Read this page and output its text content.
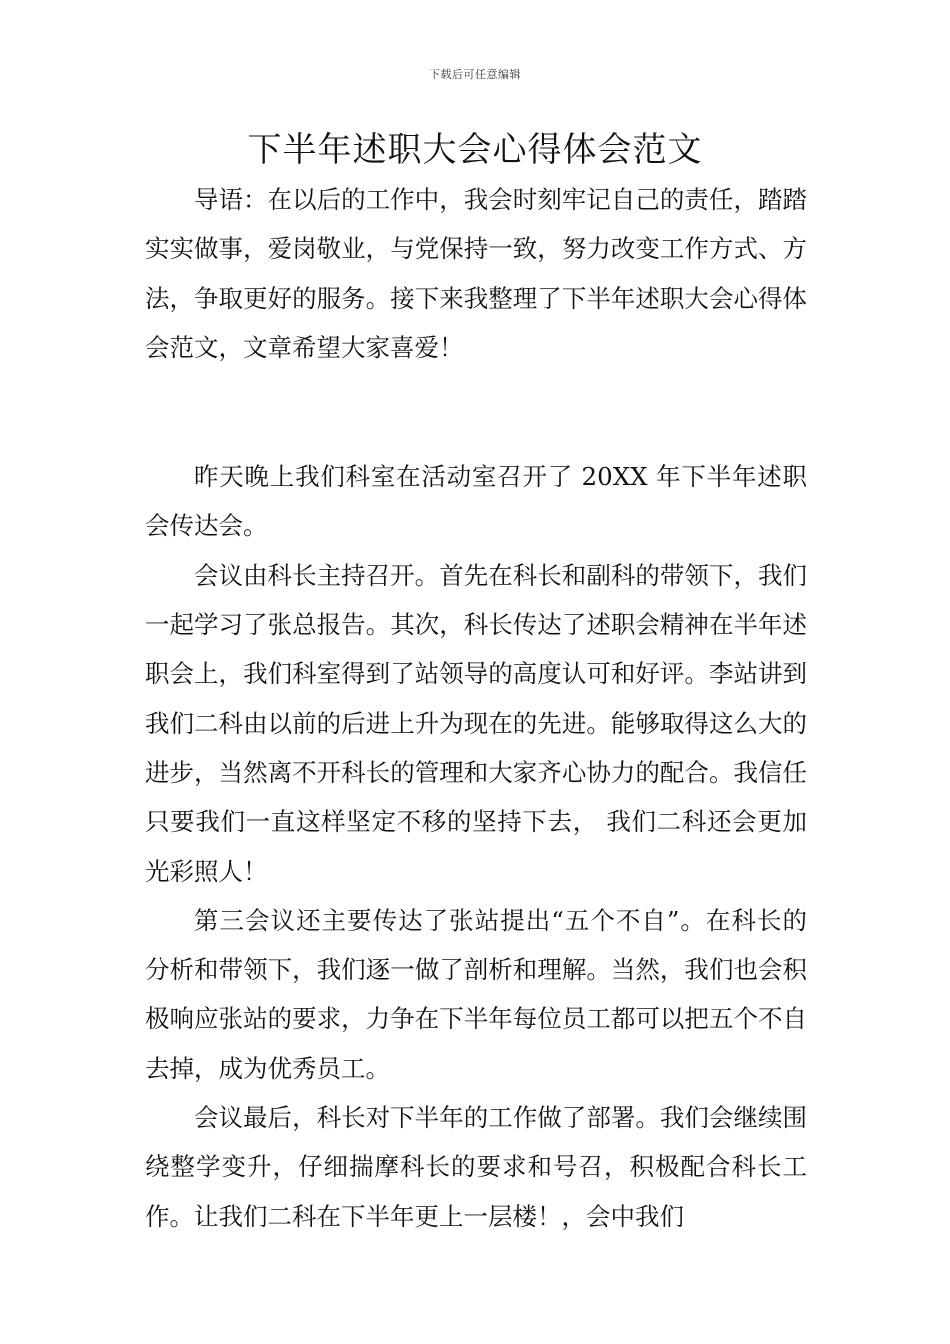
下载后可任意编辑
下半年述职大会心得体会范文

导语：在以后的工作中，我会时刻牢记自己的责任，踏踏实实做事，爱岗敬业，与党保持一致，努力改变工作方式、方法，争取更好的服务。接下来我整理了下半年述职大会心得体会范文，文章希望大家喜爱！

昨天晚上我们科室在活动室召开了 20XX 年下半年述职会传达会。

会议由科长主持召开。首先在科长和副科的带领下，我们一起学习了张总报告。其次，科长传达了述职会精神在半年述职会上，我们科室得到了站领导的高度认可和好评。李站讲到我们二科由以前的后进上升为现在的先进。能够取得这么大的进步，当然离不开科长的管理和大家齐心协力的配合。我信任只要我们一直这样坚定不移的坚持下去， 我们二科还会更加光彩照人！

第三会议还主要传达了张站提出“五个不自”。在科长的分析和带领下，我们逐一做了剖析和理解。当然，我们也会积极响应张站的要求，力争在下半年每位员工都可以把五个不自去掉，成为优秀员工。

会议最后，科长对下半年的工作做了部署。我们会继续围绕整学变升，仔细揣摩科长的要求和号召，积极配合科长工作。让我们二科在下半年更上一层楼！，会中我们
